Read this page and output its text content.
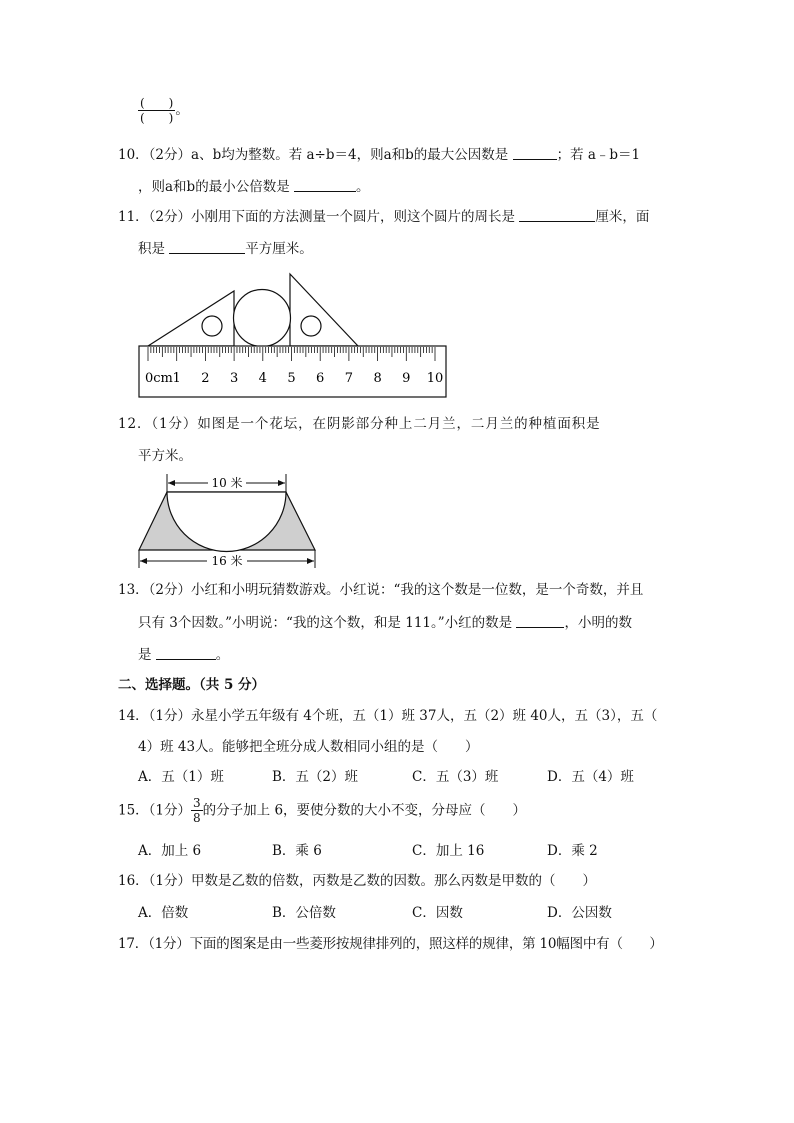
$\frac{( )}{( )}$ 。
10．（2分）a、b均为整数。若 a÷b＝4，则a和b的最大公因数是	；若 a﹣b＝1
，则a和b的最小公倍数是	。
11．（2分）小刚用下面的方法测量一个圆片，则这个圆片的周长是	厘米，面
积是	平方厘米。
0cm 1 2 3 4 5 6 7 8 9 10
12．（1分）如图是一个花坛，在阴影部分种上二月兰，二月兰的种植面积是
平方米。
10 米
16 米
13．（2分）小红和小明玩猜数游戏。小红说：“我的这个数是一位数，是一个奇数，并且
只有 3个因数。”小明说：“我的这个数，和是 111。”小红的数是	，小明的数
是	。
二、选择题。（共 5 分）
14．（1分）永星小学五年级有 4个班，五（1）班 37人，五（2）班 40人，五（3），五（
4）班 43人。能够把全班分成人数相同小组的是（　　）
A．五（1）班	B．五（2）班	C．五（3）班	D．五（4）班
15．（1分） $\frac{3}{8}$ 的分子加上 6，要使分数的大小不变，分母应（　　）
A．加上 6	B．乘 6	C．加上 16	D．乘 2
16．（1分）甲数是乙数的倍数，丙数是乙数的因数。那么丙数是甲数的（　　）
A．倍数	B．公倍数	C．因数	D．公因数
17．（1分）下面的图案是由一些菱形按规律排列的，照这样的规律，第 10幅图中有（　　）
